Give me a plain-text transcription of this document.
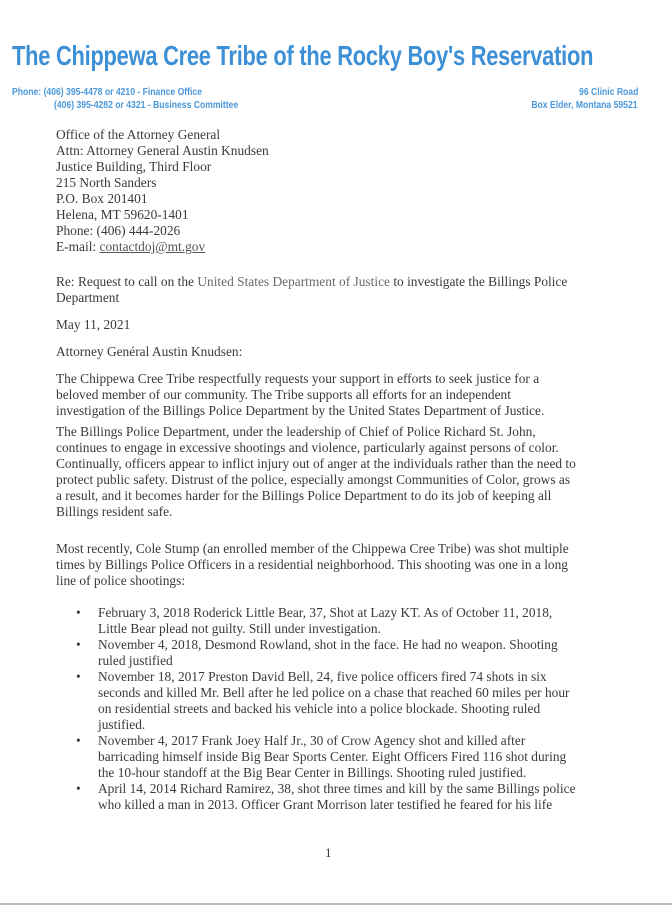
The Chippewa Cree Tribe of the Rocky Boy's Reservation
Phone: (406) 395-4478 or 4210 - Finance Office
(406) 395-4282 or 4321 - Business Committee
96 Clinic Road
Box Elder, Montana 59521
Office of the Attorney General
Attn: Attorney General Austin Knudsen
Justice Building, Third Floor
215 North Sanders
P.O. Box 201401
Helena, MT 59620-1401
Phone: (406) 444-2026
E-mail: contactdoj@mt.gov
Re: Request to call on the United States Department of Justice to investigate the Billings Police
Department
May 11, 2021
Attorney Genéral Austin Knudsen:
The Chippewa Cree Tribe respectfully requests your support in efforts to seek justice for a
beloved member of our community. The Tribe supports all efforts for an independent
investigation of the Billings Police Department by the United States Department of Justice.
The Billings Police Department, under the leadership of Chief of Police Richard St. John,
continues to engage in excessive shootings and violence, particularly against persons of color.
Continually, officers appear to inflict injury out of anger at the individuals rather than the need to
protect public safety. Distrust of the police, especially amongst Communities of Color, grows as
a result, and it becomes harder for the Billings Police Department to do its job of keeping all
Billings resident safe.
Most recently, Cole Stump (an enrolled member of the Chippewa Cree Tribe) was shot multiple
times by Billings Police Officers in a residential neighborhood. This shooting was one in a long
line of police shootings:
• February 3, 2018 Roderick Little Bear, 37, Shot at Lazy KT. As of October 11, 2018,
Little Bear plead not guilty. Still under investigation.
• November 4, 2018, Desmond Rowland, shot in the face. He had no weapon. Shooting
ruled justified
• November 18, 2017 Preston David Bell, 24, five police officers fired 74 shots in six
seconds and killed Mr. Bell after he led police on a chase that reached 60 miles per hour
on residential streets and backed his vehicle into a police blockade. Shooting ruled
justified.
• November 4, 2017 Frank Joey Half Jr., 30 of Crow Agency shot and killed after
barricading himself inside Big Bear Sports Center. Eight Officers Fired 116 shot during
the 10-hour standoff at the Big Bear Center in Billings. Shooting ruled justified.
• April 14, 2014 Richard Ramirez, 38, shot three times and kill by the same Billings police
who killed a man in 2013. Officer Grant Morrison later testified he feared for his life
1
